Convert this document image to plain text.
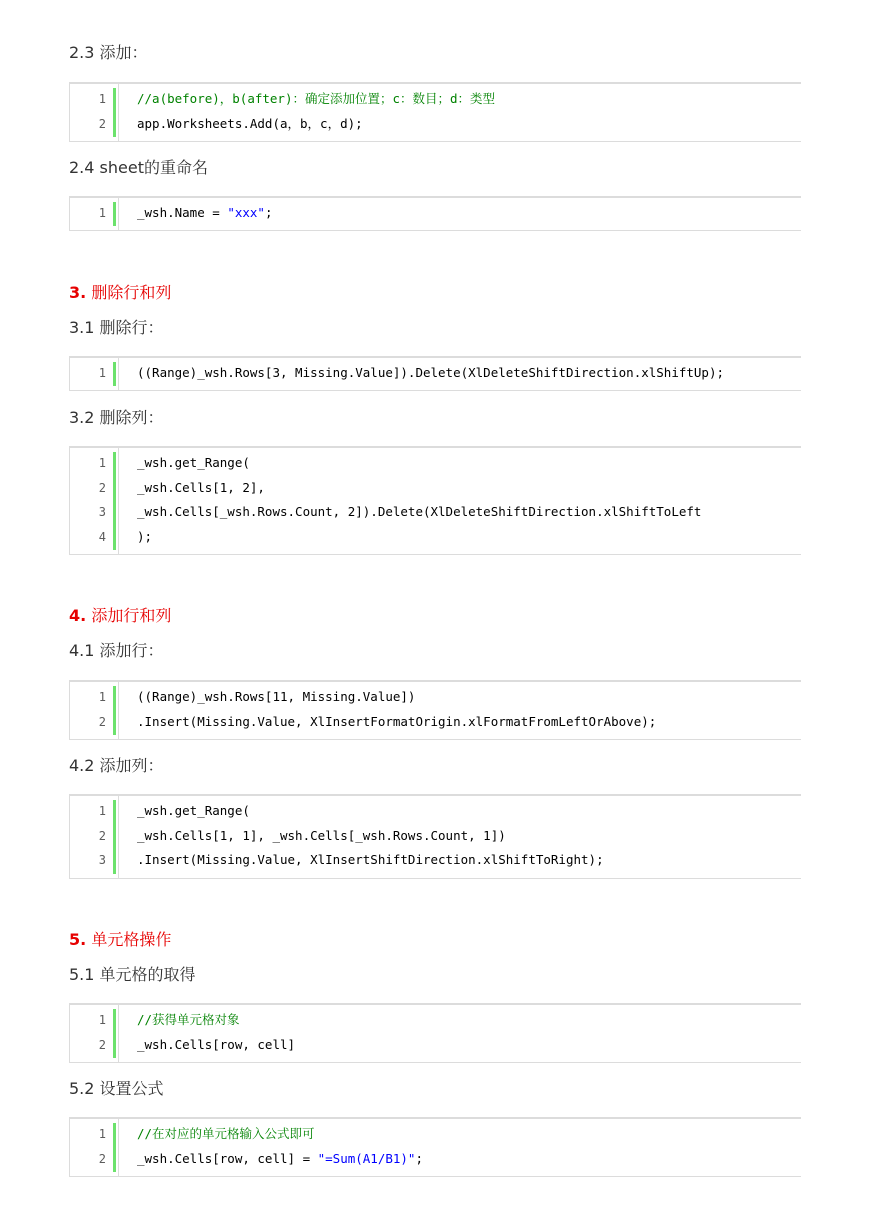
2.3 添加：
1 //a(before)，b(after)：确定添加位置；c：数目；d：类型
2 app.Worksheets.Add(a，b，c，d);
2.4 sheet的重命名
1 _wsh.Name = "xxx";
3. 删除行和列
3.1 删除行：
1 ((Range)_wsh.Rows[3, Missing.Value]).Delete(XlDeleteShiftDirection.xlShiftUp);
3.2 删除列：
1 _wsh.get_Range(
2 _wsh.Cells[1, 2],
3 _wsh.Cells[_wsh.Rows.Count, 2]).Delete(XlDeleteShiftDirection.xlShiftToLeft
4 );
4. 添加行和列
4.1 添加行：
1 ((Range)_wsh.Rows[11, Missing.Value])
2 .Insert(Missing.Value, XlInsertFormatOrigin.xlFormatFromLeftOrAbove);
4.2 添加列：
1 _wsh.get_Range(
2 _wsh.Cells[1, 1], _wsh.Cells[_wsh.Rows.Count, 1])
3 .Insert(Missing.Value, XlInsertShiftDirection.xlShiftToRight);
5. 单元格操作
5.1 单元格的取得
1 //获得单元格对象
2 _wsh.Cells[row, cell]
5.2 设置公式
1 //在对应的单元格输入公式即可
2 _wsh.Cells[row, cell] = "=Sum(A1/B1)";
